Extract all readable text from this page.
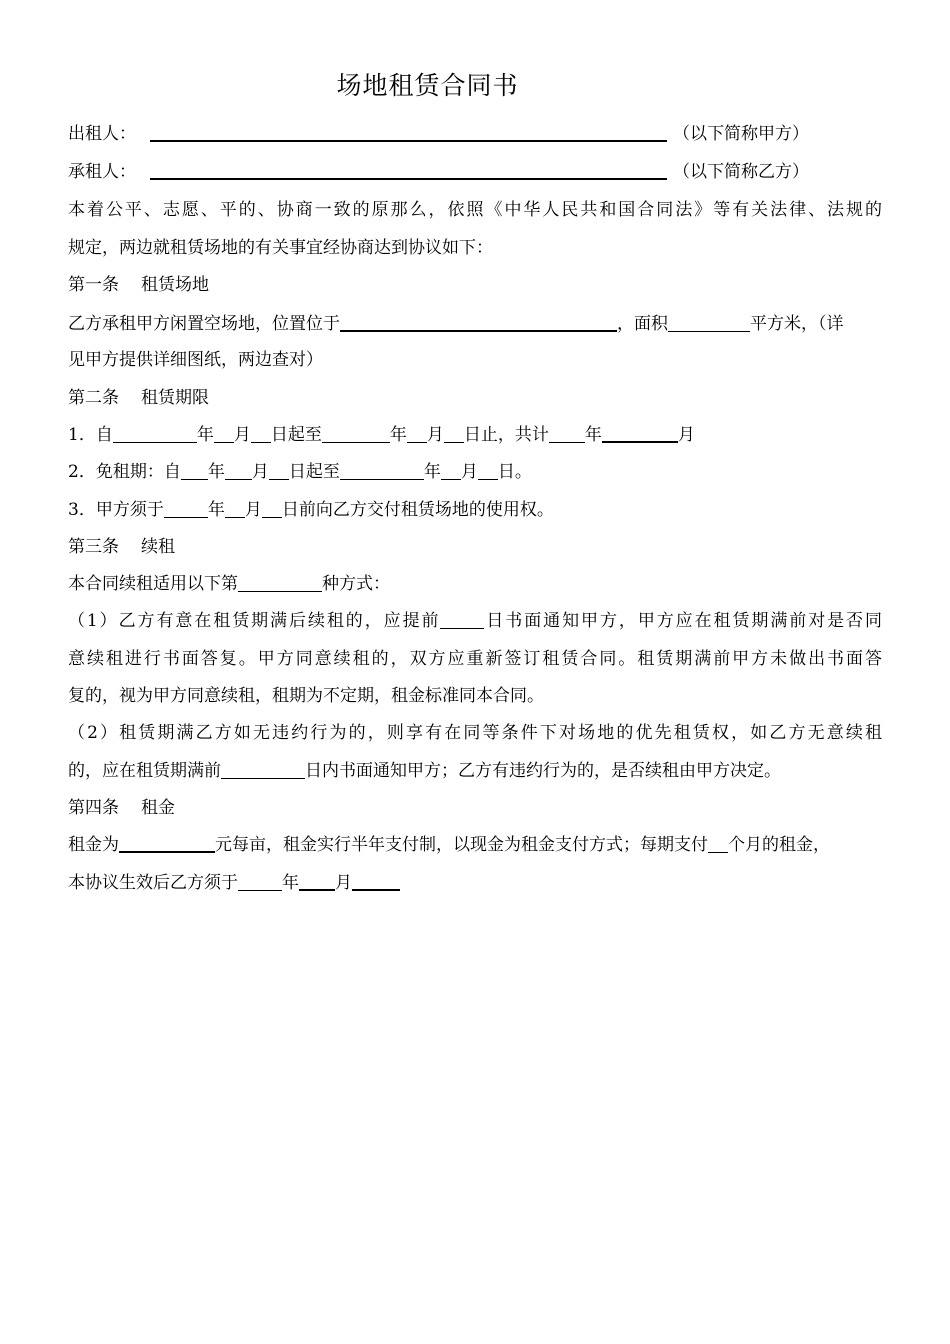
场地租赁合同书
出租人：	（以下简称甲方）
承租人：	（以下简称乙方）
本着公平、志愿、平的、协商一致的原那么，依照《中华人民共和国合同法》等有关法律、法规的
规定，两边就租赁场地的有关事宜经协商达到协议如下：
第一条 租赁场地
乙方承租甲方闲置空场地，位置位于	，面积	平方米，（详
见甲方提供详细图纸，两边查对）
第二条 租赁期限
1．自	年 月 日起至	年 月 日止，共计 年	月
2．免租期：自 年 月 日起至	年 月 日。
3．甲方须于	年 月 日前向乙方交付租赁场地的使用权。
第三条 续租
本合同续租适用以下第	种方式：
（1）乙方有意在租赁期满后续租的，应提前	日书面通知甲方，甲方应在租赁期满前对是否同
意续租进行书面答复。甲方同意续租的，双方应重新签订租赁合同。租赁期满前甲方未做出书面答
复的，视为甲方同意续租，租期为不定期，租金标准同本合同。
（2）租赁期满乙方如无违约行为的，则享有在同等条件下对场地的优先租赁权，如乙方无意续租
的，应在租赁期满前	日内书面通知甲方；乙方有违约行为的，是否续租由甲方决定。
第四条 租金
租金为	元每亩，租金实行半年支付制，以现金为租金支付方式；每期支付 个月的租金，
本协议生效后乙方须于	年 月
